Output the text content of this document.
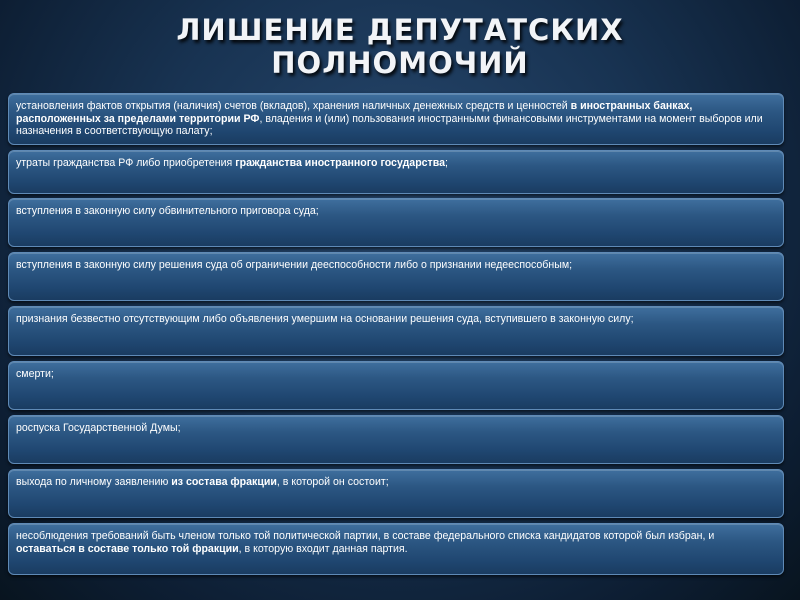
ЛИШЕНИЕ ДЕПУТАТСКИХ
ПОЛНОМОЧИЙ
установления фактов открытия (наличия) счетов (вкладов), хранения наличных денежных средств и ценностей в иностранных банках, расположенных за пределами территории РФ, владения и (или) пользования иностранными финансовыми инструментами на момент выборов или назначения в соответствующую палату;
утраты гражданства РФ либо приобретения гражданства иностранного государства;
вступления в законную силу обвинительного приговора суда;
вступления в законную силу решения суда об ограничении дееспособности либо о признании недееспособным;
признания безвестно отсутствующим либо объявления умершим на основании решения суда, вступившего в законную силу;
смерти;
роспуска Государственной Думы;
выхода по личному заявлению из состава фракции, в которой он состоит;
несоблюдения требований быть членом только той политической партии, в составе федерального списка кандидатов которой был избран, и оставаться в составе только той фракции, в которую входит данная партия.
